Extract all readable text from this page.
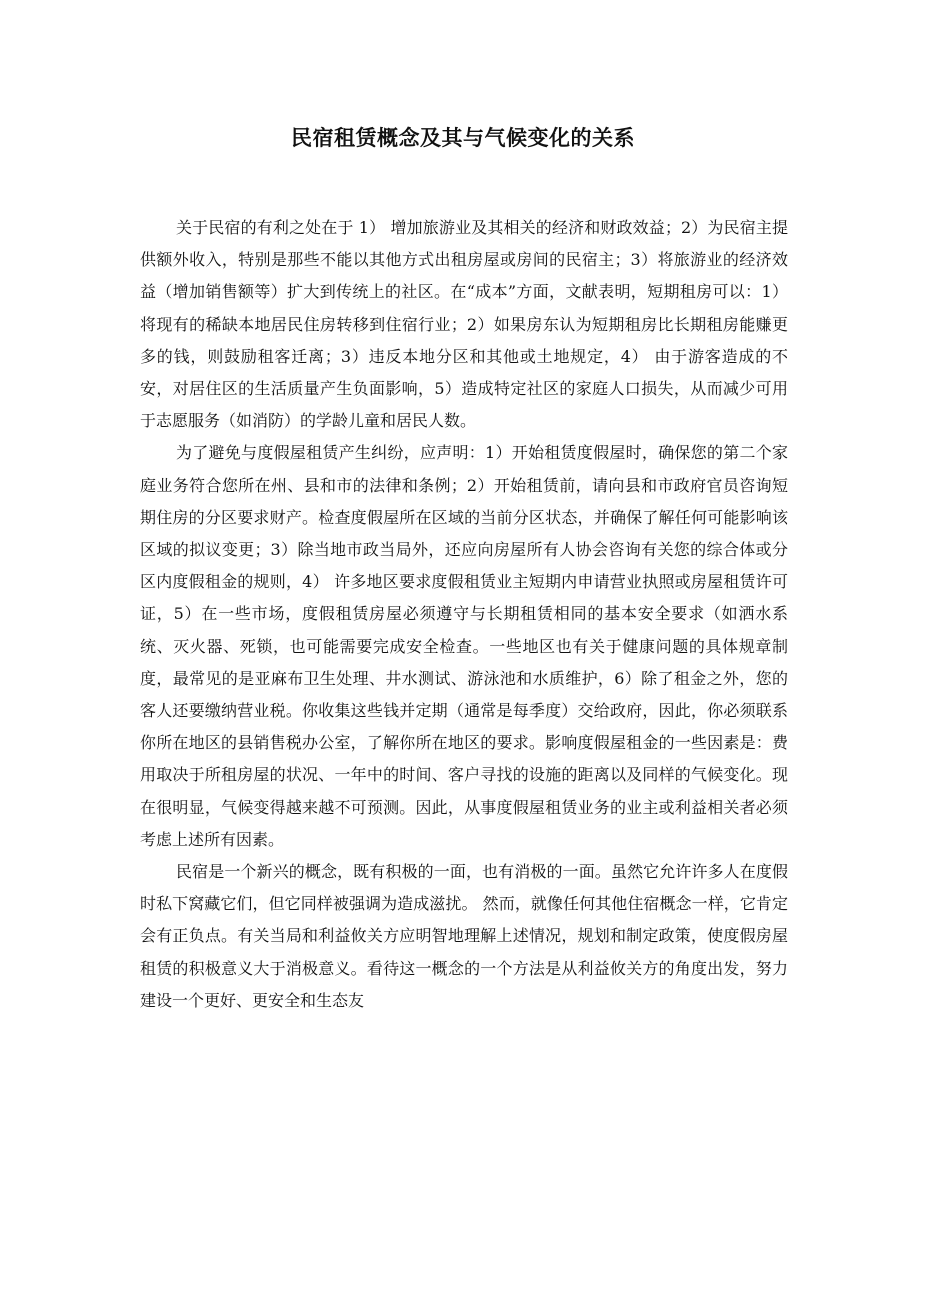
民宿租赁概念及其与气候变化的关系

关于民宿的有利之处在于 1） 增加旅游业及其相关的经济和财政效益；2）为民宿主提供额外收入，特别是那些不能以其他方式出租房屋或房间的民宿主；3）将旅游业的经济效益（增加销售额等）扩大到传统上的社区。在“成本”方面，文献表明，短期租房可以：1）将现有的稀缺本地居民住房转移到住宿行业；2）如果房东认为短期租房比长期租房能赚更多的钱，则鼓励租客迁离；3）违反本地分区和其他或土地规定，4） 由于游客造成的不安，对居住区的生活质量产生负面影响，5）造成特定社区的家庭人口损失，从而减少可用于志愿服务（如消防）的学龄儿童和居民人数。

为了避免与度假屋租赁产生纠纷，应声明：1）开始租赁度假屋时，确保您的第二个家庭业务符合您所在州、县和市的法律和条例；2）开始租赁前，请向县和市政府官员咨询短期住房的分区要求财产。检查度假屋所在区域的当前分区状态，并确保了解任何可能影响该区域的拟议变更；3）除当地市政当局外，还应向房屋所有人协会咨询有关您的综合体或分区内度假租金的规则，4） 许多地区要求度假租赁业主短期内申请营业执照或房屋租赁许可证，5）在一些市场，度假租赁房屋必须遵守与长期租赁相同的基本安全要求（如洒水系统、灭火器、死锁，也可能需要完成安全检查。一些地区也有关于健康问题的具体规章制度，最常见的是亚麻布卫生处理、井水测试、游泳池和水质维护，6）除了租金之外，您的客人还要缴纳营业税。你收集这些钱并定期（通常是每季度）交给政府，因此，你必须联系你所在地区的县销售税办公室，了解你所在地区的要求。影响度假屋租金的一些因素是：费用取决于所租房屋的状况、一年中的时间、客户寻找的设施的距离以及同样的气候变化。现在很明显，气候变得越来越不可预测。因此，从事度假屋租赁业务的业主或利益相关者必须考虑上述所有因素。

民宿是一个新兴的概念，既有积极的一面，也有消极的一面。虽然它允许许多人在度假时私下窝藏它们，但它同样被强调为造成滋扰。 然而，就像任何其他住宿概念一样，它肯定会有正负点。有关当局和利益攸关方应明智地理解上述情况，规划和制定政策，使度假房屋租赁的积极意义大于消极意义。看待这一概念的一个方法是从利益攸关方的角度出发，努力建设一个更好、更安全和生态友
